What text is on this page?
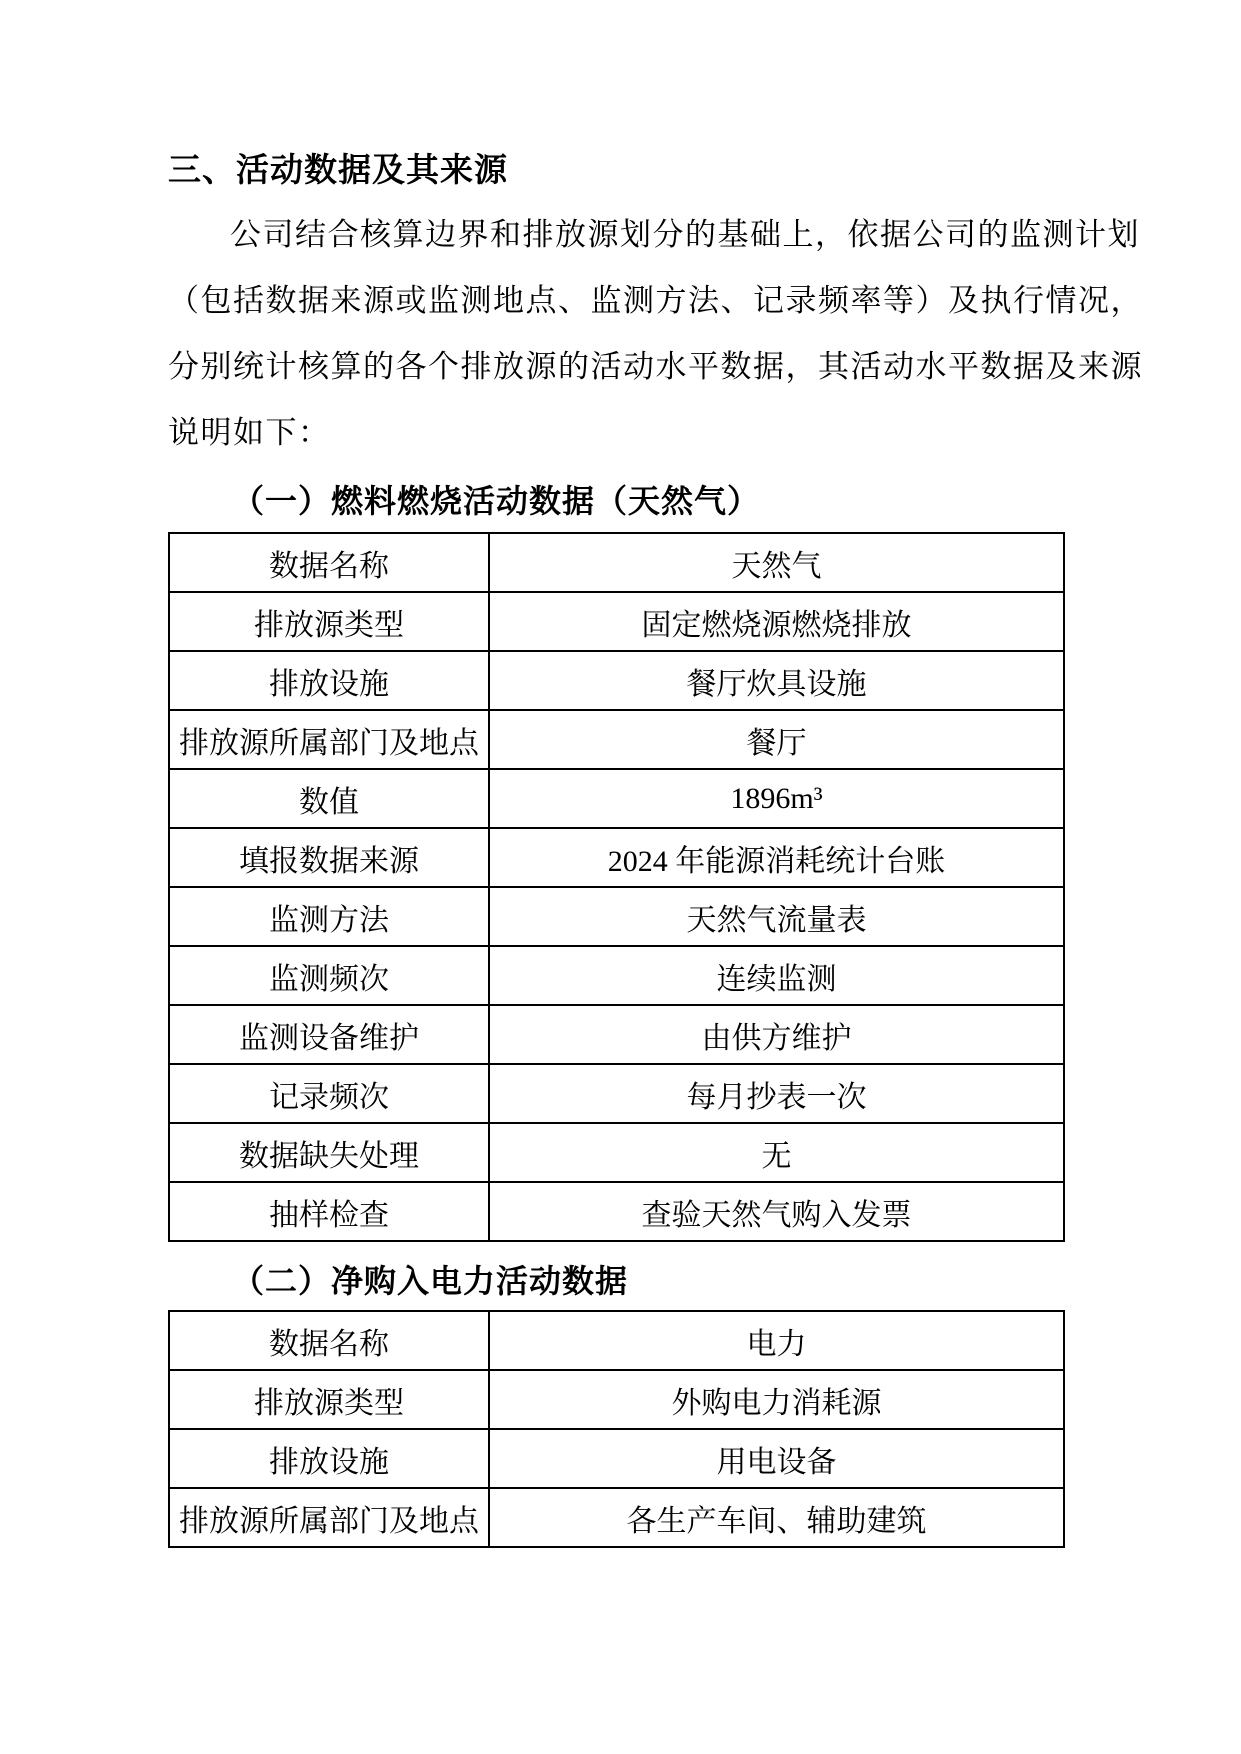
三、活动数据及其来源
公司结合核算边界和排放源划分的基础上，依据公司的监测计划
（包括数据来源或监测地点、监测方法、记录频率等）及执行情况，
分别统计核算的各个排放源的活动水平数据，其活动水平数据及来源
说明如下：
（一）燃料燃烧活动数据（天然气）
数据名称	天然气
排放源类型	固定燃烧源燃烧排放
排放设施	餐厅炊具设施
排放源所属部门及地点	餐厅
数值	1896m³
填报数据来源	2024 年能源消耗统计台账
监测方法	天然气流量表
监测频次	连续监测
监测设备维护	由供方维护
记录频次	每月抄表一次
数据缺失处理	无
抽样检查	查验天然气购入发票
（二）净购入电力活动数据
数据名称	电力
排放源类型	外购电力消耗源
排放设施	用电设备
排放源所属部门及地点	各生产车间、辅助建筑
